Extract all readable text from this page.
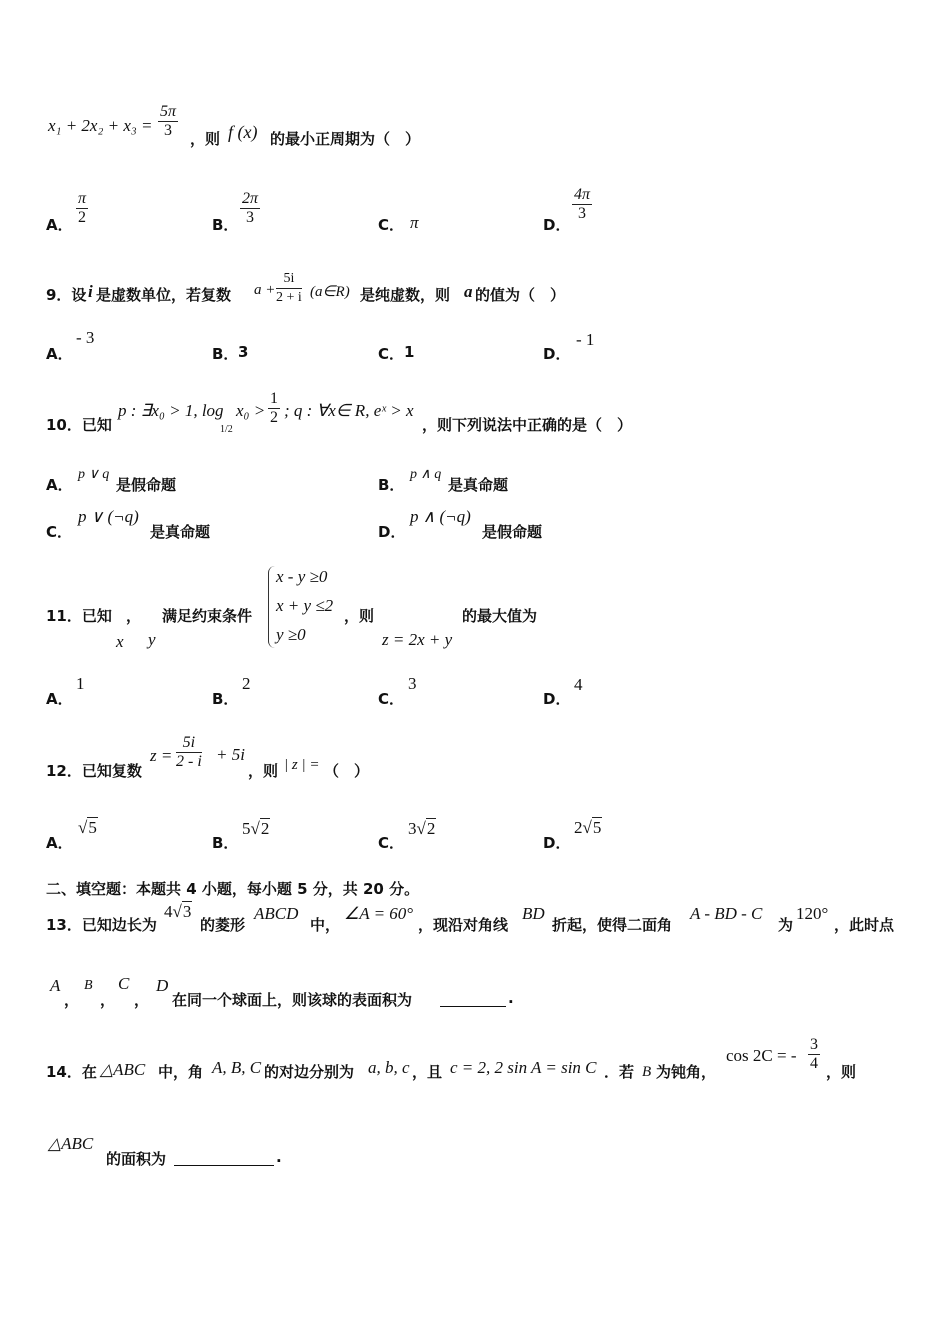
$x_1 + 2x_2 + x_3 = \frac{5\pi}{3}$ ，则 f (x) 的最小正周期为（　）
A． $\frac{\pi}{2}$	B． $\frac{2\pi}{3}$	C． π	D．
$\frac{4\pi}{3}$
9．设 i 是虚数单位，若复数 $a + \frac{5i}{2 + i}$ (a∈R) 是纯虚数，则 a 的值为（　）
A．
- 3
B． 3	C． 1	D．
- 1
10．已知
p : ∃x₀ > 1, log
1/2
$x_0 > \frac{1}{2}$ ; q : ∀x∈ R, eˣ > x
，则下列说法中正确的是（　）
A．
p ∨ q
是假命题	B．
p ∧ q
是真命题
C．
p ∨ (¬q)
是真命题	D．
p ∧ (¬q)
是假命题
11．已知 ， 满足约束条件
x y
x - y ≥0
x + y ≤2
y ≥0
，则
z = 2x + y
的最大值为
A．
1
B．
2
C．
3
D．
4
12．已知复数
$z = \frac{5i}{2 - i} + 5i$
，则 | z | = （　）
A．
√5
B．
5√2
C．
3√2
D．
2√5
二、填空题：本题共 4 小题，每小题 5 分，共 20 分。
13．已知边长为
4√3
的菱形
ABCD
中，
∠A = 60°
，现沿对角线
BD
折起，使得二面角
A - BD - C
为
120°
，此时点
A
，
B
，
C
，
D
在同一个球面上，则该球的表面积为	.
14．在 △ABC 中，角 A, B, C 的对边分别为 a, b, c ，且 c = 2, 2 sin A = sin C ．若 B 为钝角，
cos 2C = - $\frac{3}{4}$ ，则
△ABC
的面积为	.
